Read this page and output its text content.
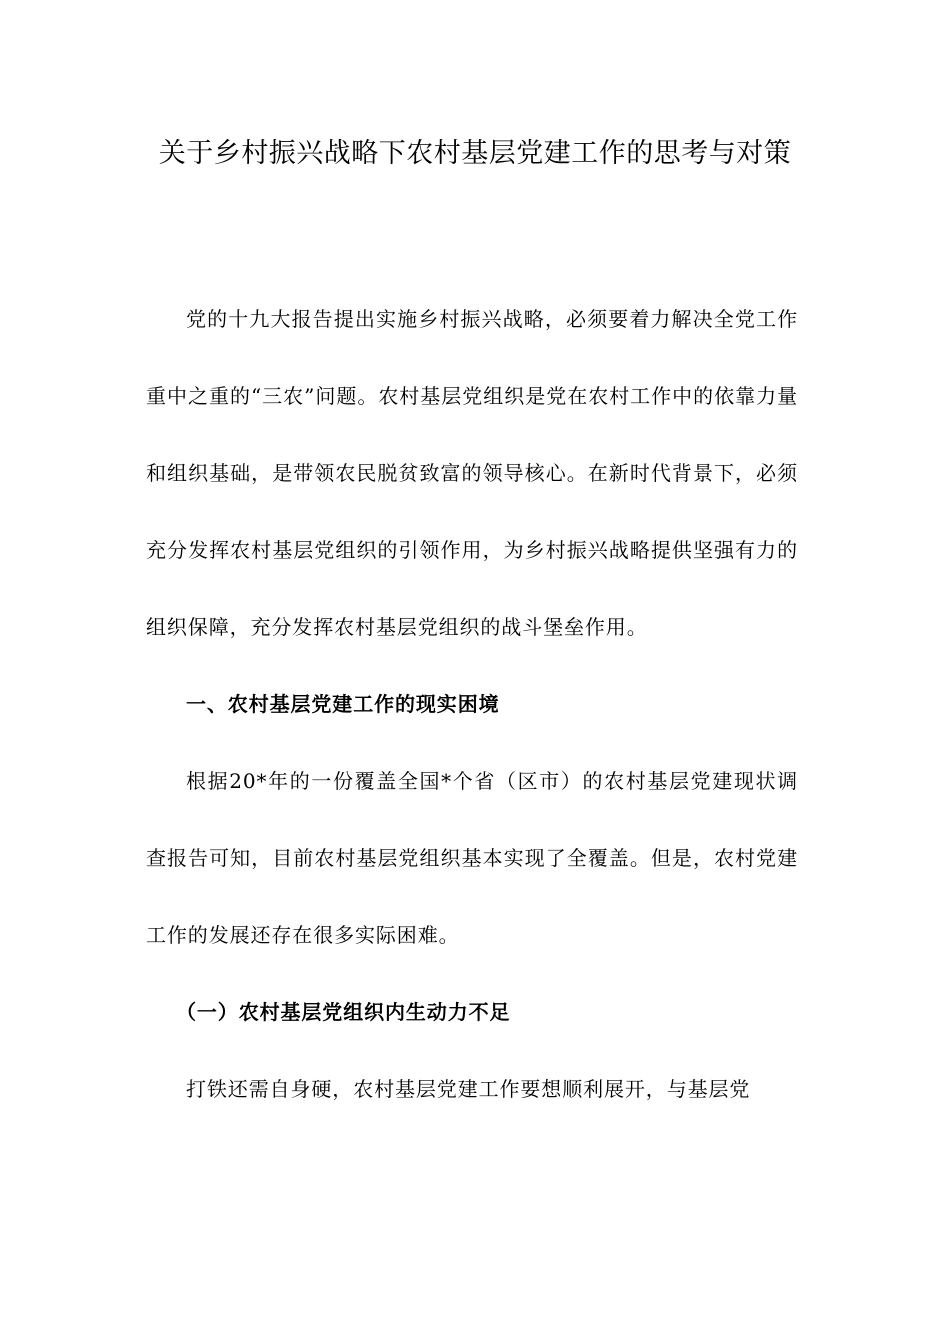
关于乡村振兴战略下农村基层党建工作的思考与对策

党的十九大报告提出实施乡村振兴战略，必须要着力解决全党工作重中之重的“三农”问题。农村基层党组织是党在农村工作中的依靠力量和组织基础，是带领农民脱贫致富的领导核心。在新时代背景下，必须充分发挥农村基层党组织的引领作用，为乡村振兴战略提供坚强有力的组织保障，充分发挥农村基层党组织的战斗堡垒作用。

一、农村基层党建工作的现实困境

根据20*年的一份覆盖全国*个省（区市）的农村基层党建现状调查报告可知，目前农村基层党组织基本实现了全覆盖。但是，农村党建工作的发展还存在很多实际困难。

（一）农村基层党组织内生动力不足

打铁还需自身硬，农村基层党建工作要想顺利展开，与基层党
